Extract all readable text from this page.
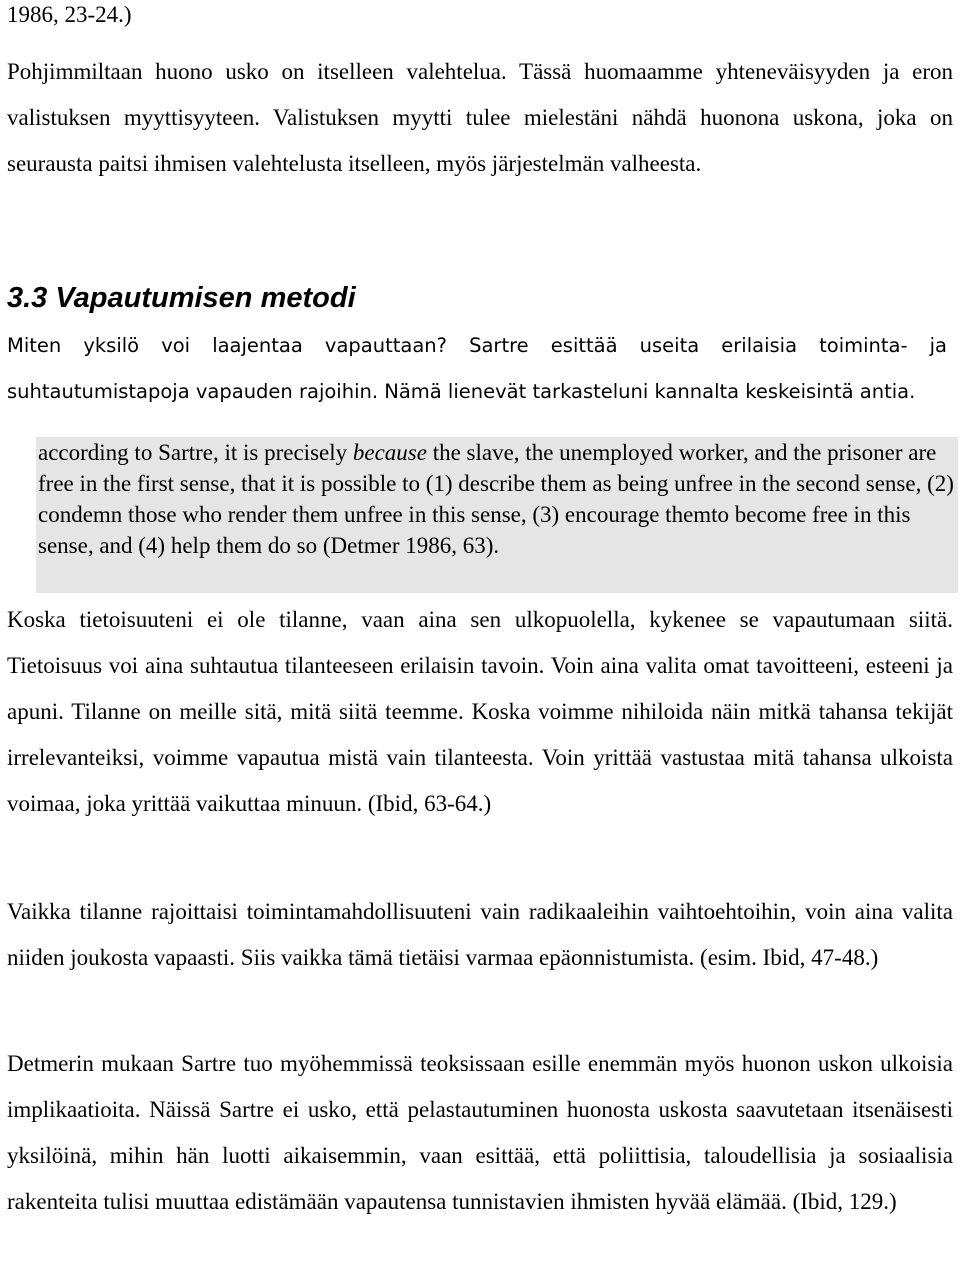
1986, 23-24.)

Pohjimmiltaan huono usko on itselleen valehtelua. Tässä huomaamme yhteneväisyyden ja eron valistuksen myyttisyyteen. Valistuksen myytti tulee mielestäni nähdä huonona uskona, joka on seurausta paitsi ihmisen valehtelusta itselleen, myös järjestelmän valheesta.

3.3 Vapautumisen metodi

Miten yksilö voi laajentaa vapauttaan? Sartre esittää useita erilaisia toiminta- ja suhtautumistapoja vapauden rajoihin. Nämä lienevät tarkasteluni kannalta keskeisintä antia.

according to Sartre, it is precisely because the slave, the unemployed worker, and the prisoner are free in the first sense, that it is possible to (1) describe them as being unfree in the second sense, (2) condemn those who render them unfree in this sense, (3) encourage themto become free in this sense, and (4) help them do so (Detmer 1986, 63).

Koska tietoisuuteni ei ole tilanne, vaan aina sen ulkopuolella, kykenee se vapautumaan siitä. Tietoisuus voi aina suhtautua tilanteeseen erilaisin tavoin. Voin aina valita omat tavoitteeni, esteeni ja apuni. Tilanne on meille sitä, mitä siitä teemme. Koska voimme nihiloida näin mitkä tahansa tekijät irrelevanteiksi, voimme vapautua mistä vain tilanteesta. Voin yrittää vastustaa mitä tahansa ulkoista voimaa, joka yrittää vaikuttaa minuun. (Ibid, 63-64.)

Vaikka tilanne rajoittaisi toimintamahdollisuuteni vain radikaaleihin vaihtoehtoihin, voin aina valita niiden joukosta vapaasti. Siis vaikka tämä tietäisi varmaa epäonnistumista. (esim. Ibid, 47-48.)

Detmerin mukaan Sartre tuo myöhemmissä teoksissaan esille enemmän myös huonon uskon ulkoisia implikaatioita. Näissä Sartre ei usko, että pelastautuminen huonosta uskosta saavutetaan itsenäisesti yksilöinä, mihin hän luotti aikaisemmin, vaan esittää, että poliittisia, taloudellisia ja sosiaalisia rakenteita tulisi muuttaa edistämään vapautensa tunnistavien ihmisten hyvää elämää. (Ibid, 129.)
